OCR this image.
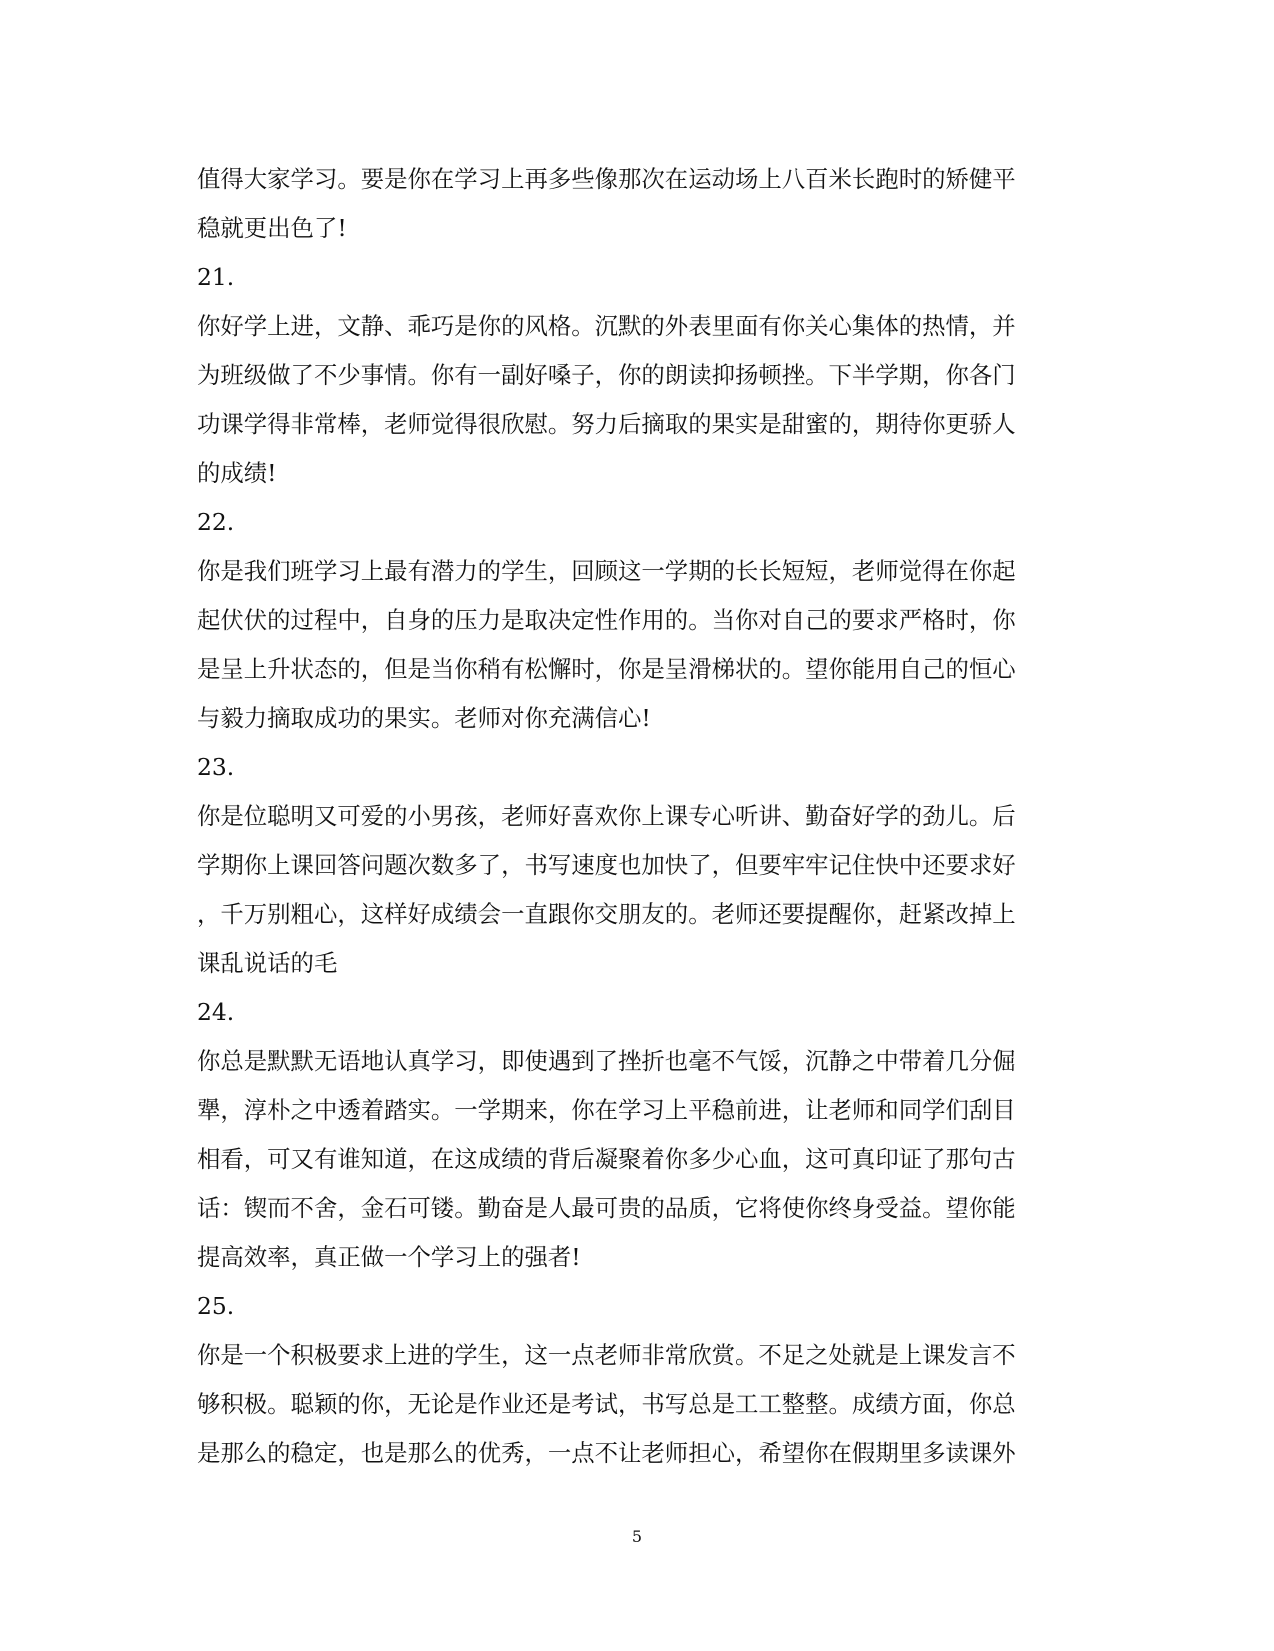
值得大家学习。要是你在学习上再多些像那次在运动场上八百米长跑时的矫健平

稳就更出色了!

21.

你好学上进，文静、乖巧是你的风格。沉默的外表里面有你关心集体的热情，并

为班级做了不少事情。你有一副好嗓子，你的朗读抑扬顿挫。下半学期，你各门

功课学得非常棒，老师觉得很欣慰。努力后摘取的果实是甜蜜的，期待你更骄人

的成绩!

22.

你是我们班学习上最有潜力的学生，回顾这一学期的长长短短，老师觉得在你起

起伏伏的过程中，自身的压力是取决定性作用的。当你对自己的要求严格时，你

是呈上升状态的，但是当你稍有松懈时，你是呈滑梯状的。望你能用自己的恒心

与毅力摘取成功的果实。老师对你充满信心!

23.

你是位聪明又可爱的小男孩，老师好喜欢你上课专心听讲、勤奋好学的劲儿。后

学期你上课回答问题次数多了，书写速度也加快了，但要牢牢记住快中还要求好

，千万别粗心，这样好成绩会一直跟你交朋友的。老师还要提醒你，赶紧改掉上

课乱说话的毛

24.

你总是默默无语地认真学习，即使遇到了挫折也毫不气馁，沉静之中带着几分倔

犟，淳朴之中透着踏实。一学期来，你在学习上平稳前进，让老师和同学们刮目

相看，可又有谁知道，在这成绩的背后凝聚着你多少心血，这可真印证了那句古

话：锲而不舍，金石可镂。勤奋是人最可贵的品质，它将使你终身受益。望你能

提高效率，真正做一个学习上的强者!

25.

你是一个积极要求上进的学生，这一点老师非常欣赏。不足之处就是上课发言不

够积极。聪颖的你，无论是作业还是考试，书写总是工工整整。成绩方面，你总

是那么的稳定，也是那么的优秀，一点不让老师担心，希望你在假期里多读课外

5
